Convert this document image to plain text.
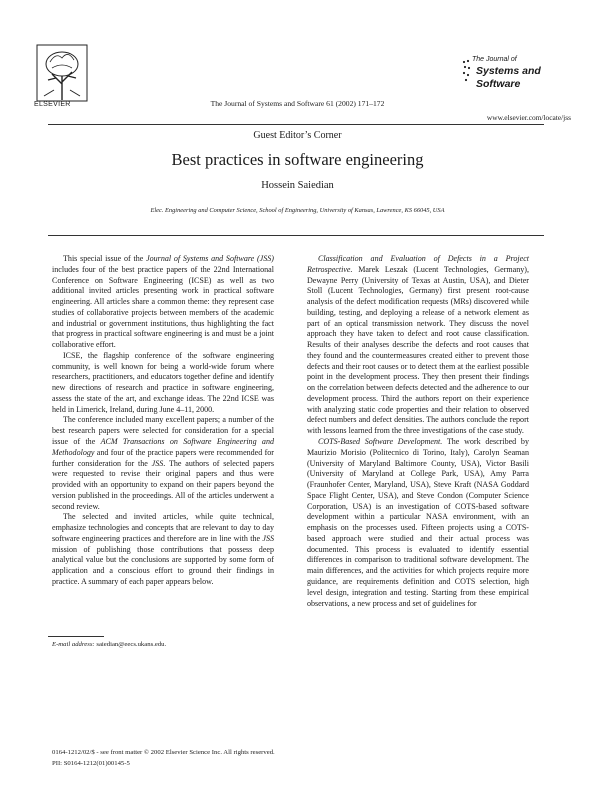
ELSEVIER	The Journal of Systems and Software 61 (2002) 171–172
The Journal of
Systems and
Software
www.elsevier.com/locate/jss
Guest Editor’s Corner
Best practices in software engineering
Hossein Saiedian
Elec. Engineering and Computer Science, School of Engineering, University of Kansas, Lawrence, KS 66045, USA

This special issue of the Journal of Systems and Software (JSS) includes four of the best practice papers of the 22nd International Conference on Software Engineering (ICSE) as well as two additional invited articles presenting work in practical software engineering. All articles share a common theme: they represent case studies of collaborative projects between members of the academic and industrial or government institutions, thus highlighting the fact that progress in practical software engineering is and must be a joint collaborative effort.

ICSE, the flagship conference of the software engineering community, is well known for being a world-wide forum where researchers, practitioners, and educators together define and identify new directions of research and practice in software engineering, assess the state of the art, and exchange ideas. The 22nd ICSE was held in Limerick, Ireland, during June 4–11, 2000.

The conference included many excellent papers; a number of the best research papers were selected for consideration for a special issue of the ACM Transactions on Software Engineering and Methodology and four of the practice papers were recommended for further consideration for the JSS. The authors of selected papers were requested to revise their original papers and thus were provided with an opportunity to expand on their papers beyond the version published in the proceedings. All of the articles underwent a second review.

The selected and invited articles, while quite technical, emphasize technologies and concepts that are relevant to day to day software engineering practices and therefore are in line with the JSS mission of publishing those contributions that possess deep analytical value but the conclusions are supported by some form of application and a conscious effort to ground their findings in practice. A summary of each paper appears below.

Classification and Evaluation of Defects in a Project Retrospective. Marek Leszak (Lucent Technologies, Germany), Dewayne Perry (University of Texas at Austin, USA), and Dieter Stoll (Lucent Technologies, Germany) first present root-cause analysis of the defect modification requests (MRs) discovered while building, testing, and deploying a release of a network element as part of an optical transmission network. They discuss the novel approach they have taken to defect and root cause classification. Results of their analyses describe the defects and root causes that they found and the countermeasures created either to prevent those defects and their root causes or to detect them at the earliest possible point in the development process. They then present their findings on the correlation between defects detected and the adherence to our development process. Third the authors report on their experience with analyzing static code properties and their relation to observed defect numbers and defect densities. The authors conclude the report with lessons learned from the three investigations of the case study.

COTS-Based Software Development. The work described by Maurizio Morisio (Politecnico di Torino, Italy), Carolyn Seaman (University of Maryland Baltimore County, USA), Victor Basili (University of Maryland at College Park, USA), Amy Parra (Fraunhofer Center, Maryland, USA), Steve Kraft (NASA Goddard Space Flight Center, USA), and Steve Condon (Computer Science Corporation, USA) is an investigation of COTS-based software development within a particular NASA environment, with an emphasis on the processes used. Fifteen projects using a COTS-based approach were studied and their actual process was documented. This process is evaluated to identify essential differences in comparison to traditional software development. The main differences, and the activities for which projects require more guidance, are requirements definition and COTS selection, high level design, integration and testing. Starting from these empirical observations, a new process and set of guidelines for

E-mail address: saiedian@eecs.ukans.edu.
0164-1212/02/$ - see front matter © 2002 Elsevier Science Inc. All rights reserved.
PII: S0164-1212(01)00145-5
